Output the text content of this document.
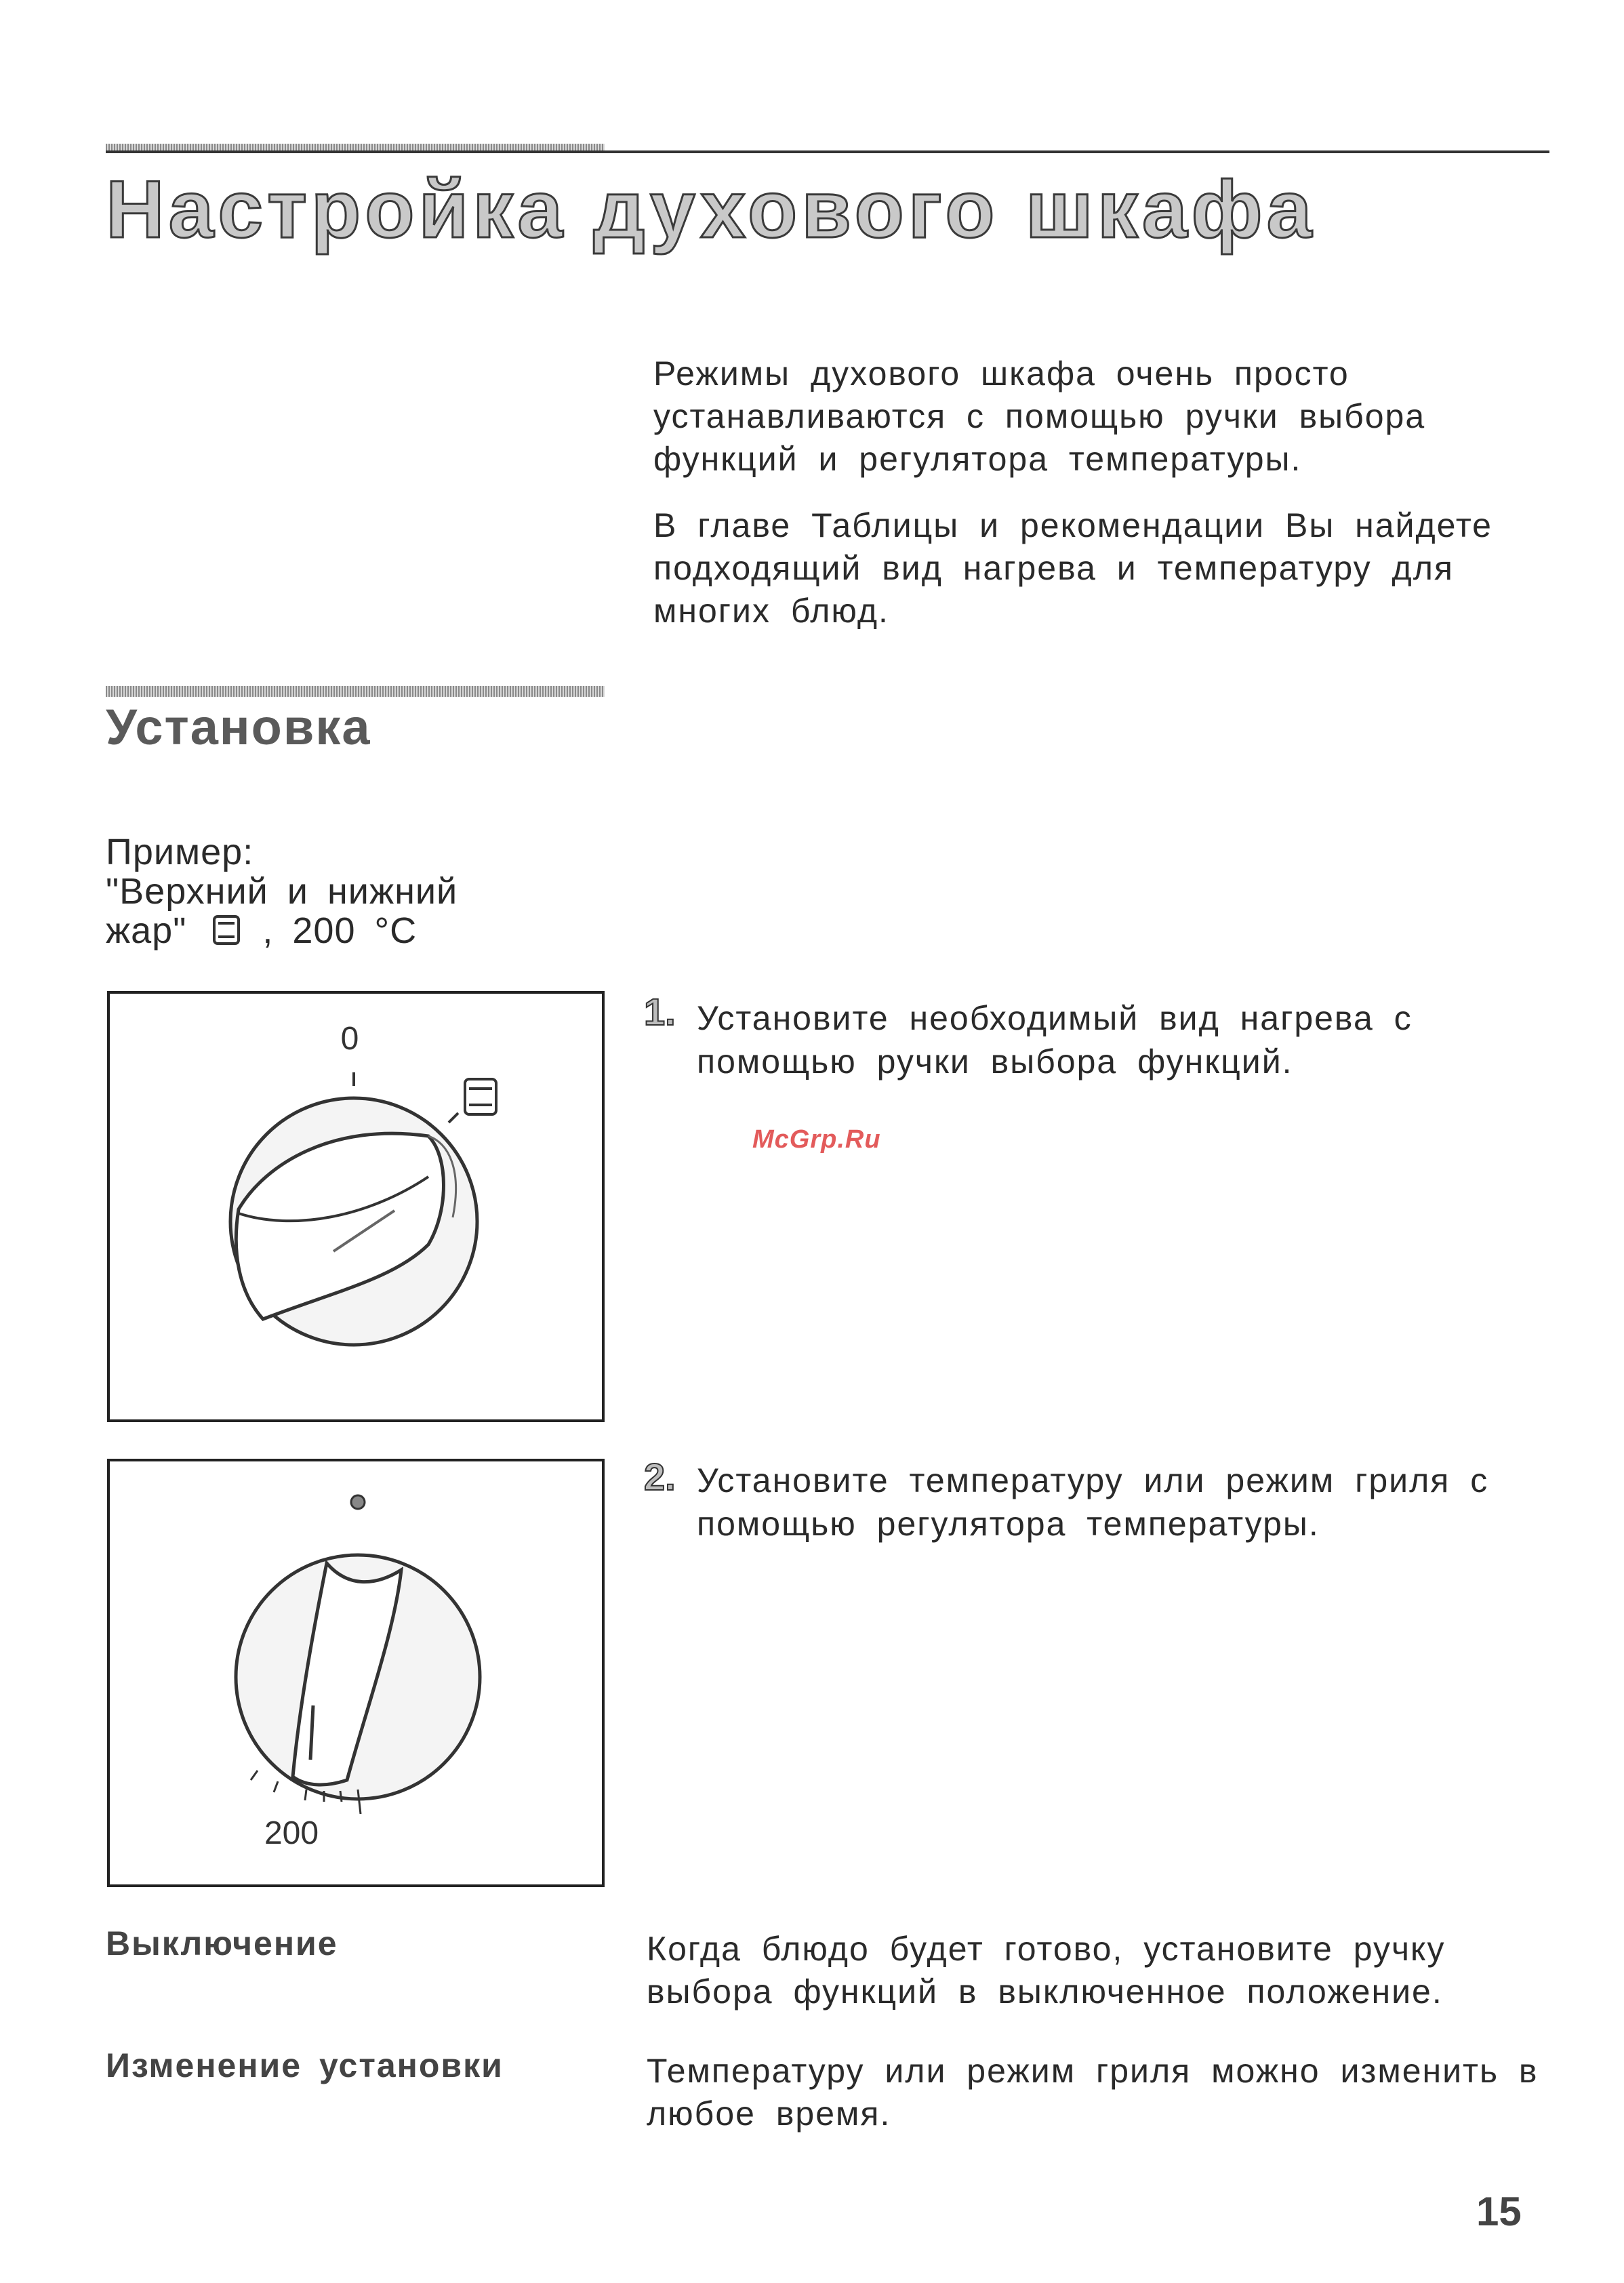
Настройка духового шкафа
Режимы духового шкафа очень просто
устанавливаются с помощью ручки выбора
функций и регулятора температуры.
В главе Таблицы и рекомендации Вы найдете
подходящий вид нагрева и температуру для
многих блюд.
Установка
Пример:
"Верхний и нижний
жар" , 200 °C
0
1. Установите необходимый вид нагрева с
помощью ручки выбора функций.
McGrp.Ru
200
2. Установите температуру или режим гриля с
помощью регулятора температуры.
Выключение	Когда блюдо будет готово, установите ручку
выбора функций в выключенное положение.
Изменение установки	Температуру или режим гриля можно изменить в
любое время.
15
